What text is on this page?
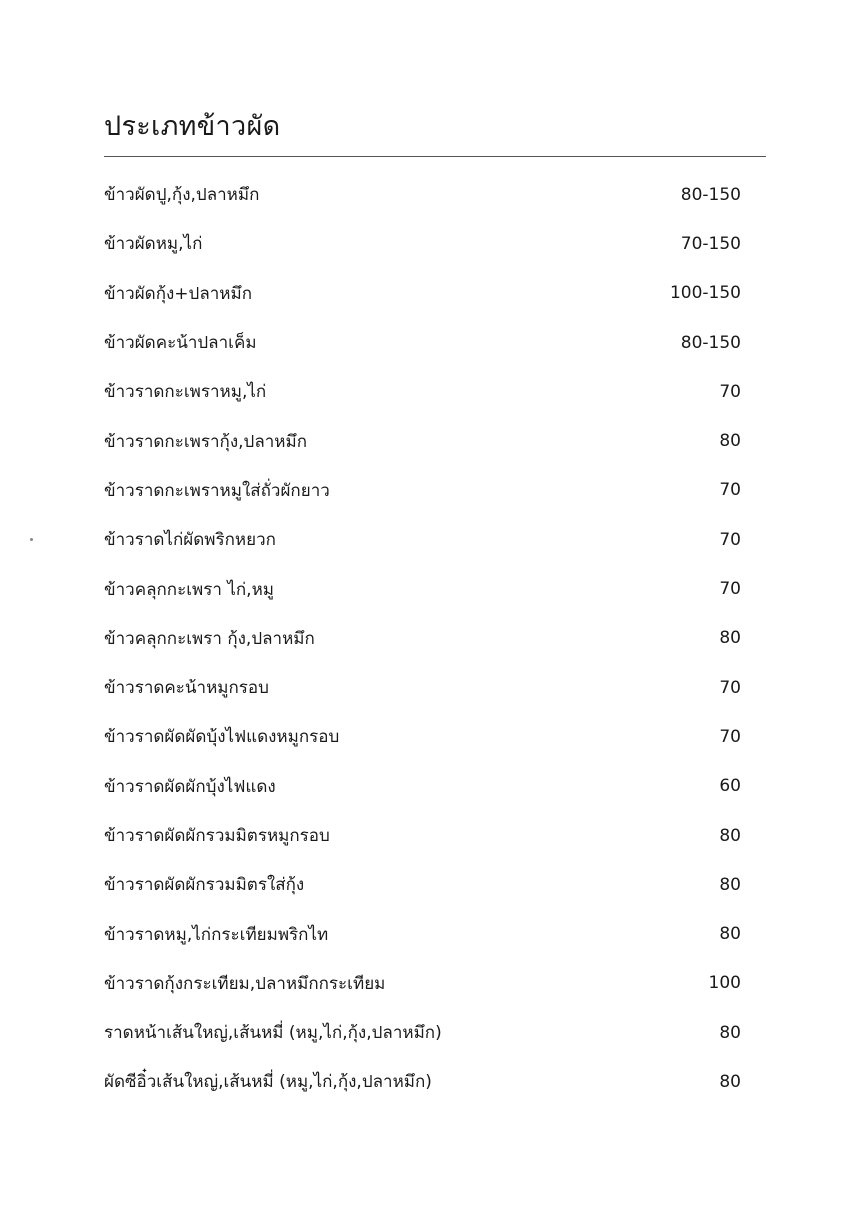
ประเภทข้าวผัด
ข้าวผัดปู,กุ้ง,ปลาหมึก	80-150
ข้าวผัดหมู,ไก่	70-150
ข้าวผัดกุ้ง+ปลาหมึก	100-150
ข้าวผัดคะน้าปลาเค็ม	80-150
ข้าวราดกะเพราหมู,ไก่	70
ข้าวราดกะเพรากุ้ง,ปลาหมึก	80
ข้าวราดกะเพราหมูใส่ถั่วผักยาว	70
ข้าวราดไก่ผัดพริกหยวก	70
ข้าวคลุกกะเพรา ไก่,หมู	70
ข้าวคลุกกะเพรา กุ้ง,ปลาหมึก	80
ข้าวราดคะน้าหมูกรอบ	70
ข้าวราดผัดผัดบุ้งไฟแดงหมูกรอบ	70
ข้าวราดผัดผักบุ้งไฟแดง	60
ข้าวราดผัดผักรวมมิตรหมูกรอบ	80
ข้าวราดผัดผักรวมมิตรใส่กุ้ง	80
ข้าวราดหมู,ไก่กระเทียมพริกไท	80
ข้าวราดกุ้งกระเทียม,ปลาหมึกกระเทียม	100
ราดหน้าเส้นใหญ่,เส้นหมี่ (หมู,ไก่,กุ้ง,ปลาหมึก)	80
ผัดซีอิ๋วเส้นใหญ่,เส้นหมี่ (หมู,ไก่,กุ้ง,ปลาหมึก)	80
